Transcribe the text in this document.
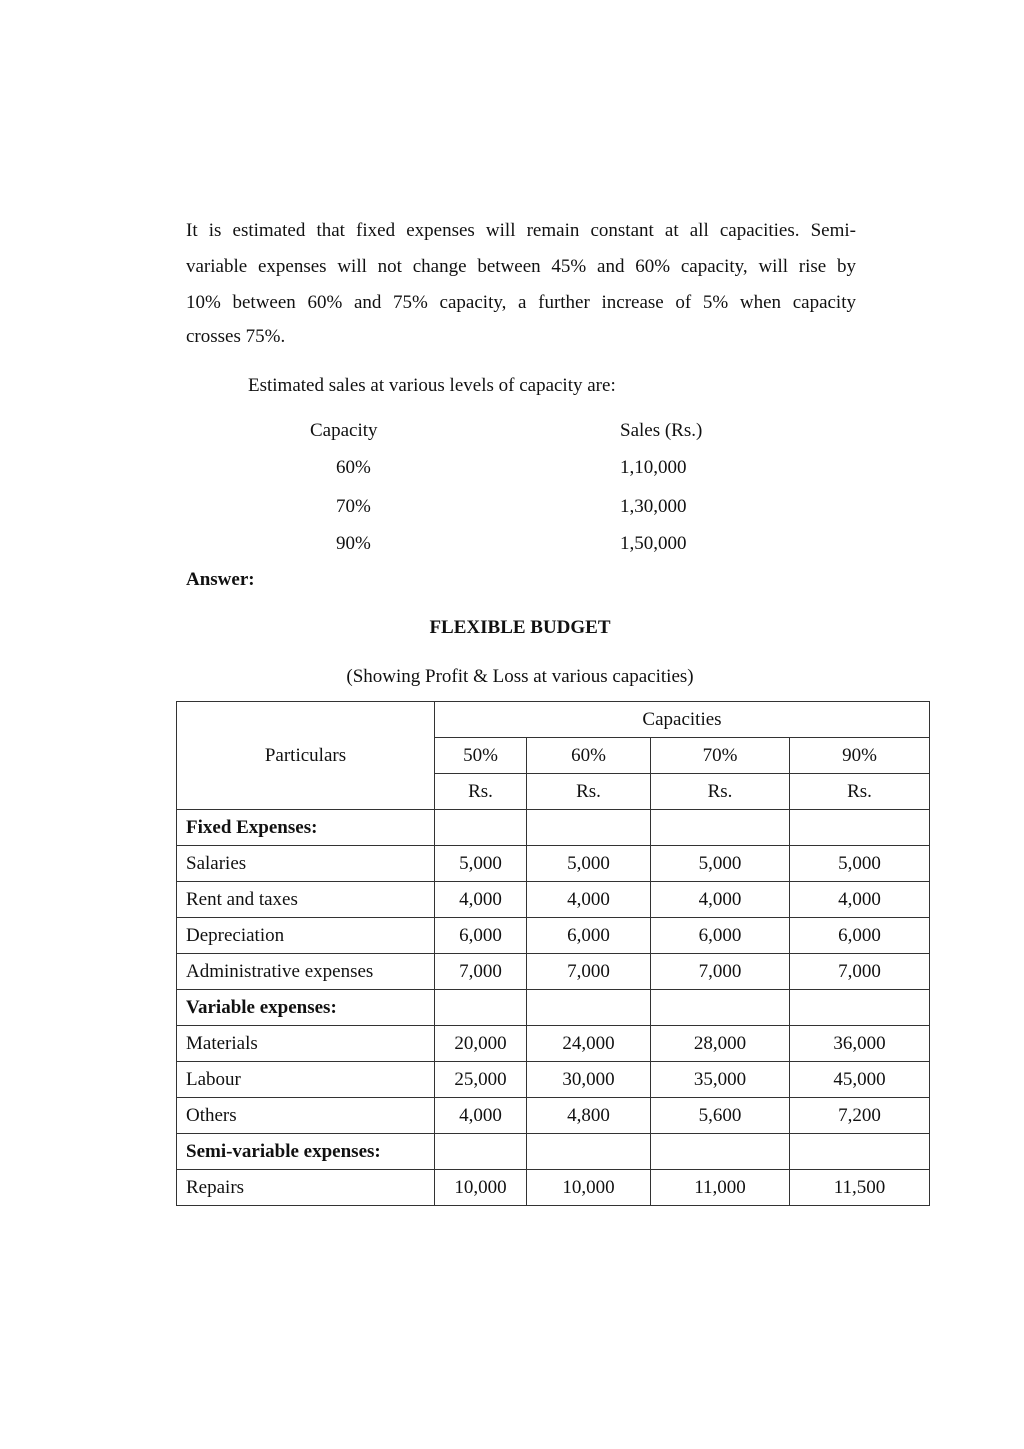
It is estimated that fixed expenses will remain constant at all capacities. Semi-
variable expenses will not change between 45% and 60% capacity, will rise by
10% between 60% and 75% capacity, a further increase of 5% when capacity
crosses 75%.
Estimated sales at various levels of capacity are:
Capacity	Sales (Rs.)
60%	1,10,000
70%	1,30,000
90%	1,50,000
Answer:
FLEXIBLE BUDGET
(Showing Profit & Loss at various capacities)
Particulars	Capacities			
	50%	60%	70%	90%
	Rs.	Rs.	Rs.	Rs.
Fixed Expenses:				
Salaries	5,000	5,000	5,000	5,000
Rent and taxes	4,000	4,000	4,000	4,000
Depreciation	6,000	6,000	6,000	6,000
Administrative expenses	7,000	7,000	7,000	7,000
Variable expenses:				
Materials	20,000	24,000	28,000	36,000
Labour	25,000	30,000	35,000	45,000
Others	4,000	4,800	5,600	7,200
Semi-variable expenses:				
Repairs	10,000	10,000	11,000	11,500
